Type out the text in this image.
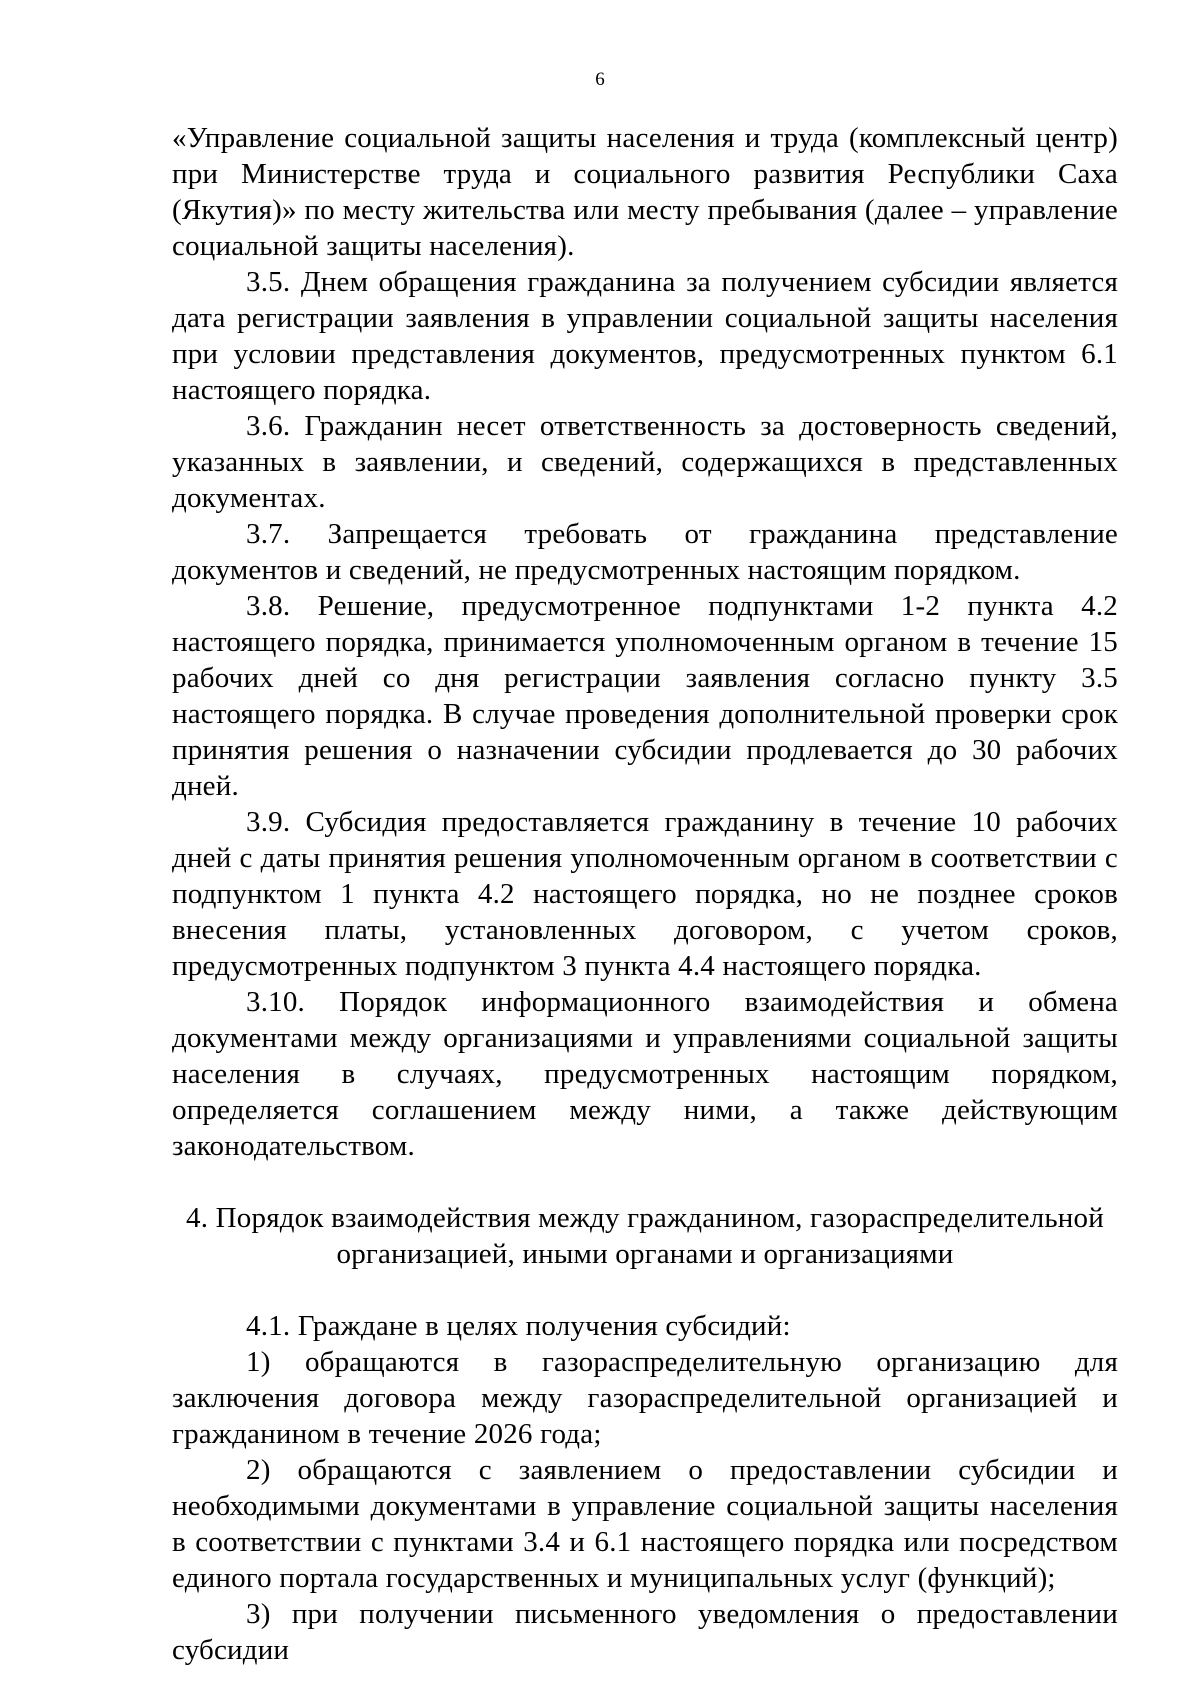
6

«Управление социальной защиты населения и труда (комплексный центр) при Министерстве труда и социального развития Республики Саха (Якутия)» по месту жительства или месту пребывания (далее – управление социальной защиты населения).

3.5. Днем обращения гражданина за получением субсидии является дата регистрации заявления в управлении социальной защиты населения при условии представления документов, предусмотренных пунктом 6.1 настоящего порядка.

3.6. Гражданин несет ответственность за достоверность сведений, указанных в заявлении, и сведений, содержащихся в представленных документах.

3.7. Запрещается требовать от гражданина представление документов и сведений, не предусмотренных настоящим порядком.

3.8. Решение, предусмотренное подпунктами 1-2 пункта 4.2 настоящего порядка, принимается уполномоченным органом в течение 15 рабочих дней со дня регистрации заявления согласно пункту 3.5 настоящего порядка. В случае проведения дополнительной проверки срок принятия решения о назначении субсидии продлевается до 30 рабочих дней.

3.9. Субсидия предоставляется гражданину в течение 10 рабочих дней с даты принятия решения уполномоченным органом в соответствии с подпунктом 1 пункта 4.2 настоящего порядка, но не позднее сроков внесения платы, установленных договором, с учетом сроков, предусмотренных подпунктом 3 пункта 4.4 настоящего порядка.

3.10. Порядок информационного взаимодействия и обмена документами между организациями и управлениями социальной защиты населения в случаях, предусмотренных настоящим порядком, определяется соглашением между ними, а также действующим законодательством.

4. Порядок взаимодействия между гражданином, газораспределительной
организацией, иными органами и организациями

4.1. Граждане в целях получения субсидий:

1) обращаются в газораспределительную организацию для заключения договора между газораспределительной организацией и гражданином в течение 2026 года;

2) обращаются с заявлением о предоставлении субсидии и необходимыми документами в управление социальной защиты населения в соответствии с пунктами 3.4 и 6.1 настоящего порядка или посредством единого портала государственных и муниципальных услуг (функций);

3) при получении письменного уведомления о предоставлении субсидии
